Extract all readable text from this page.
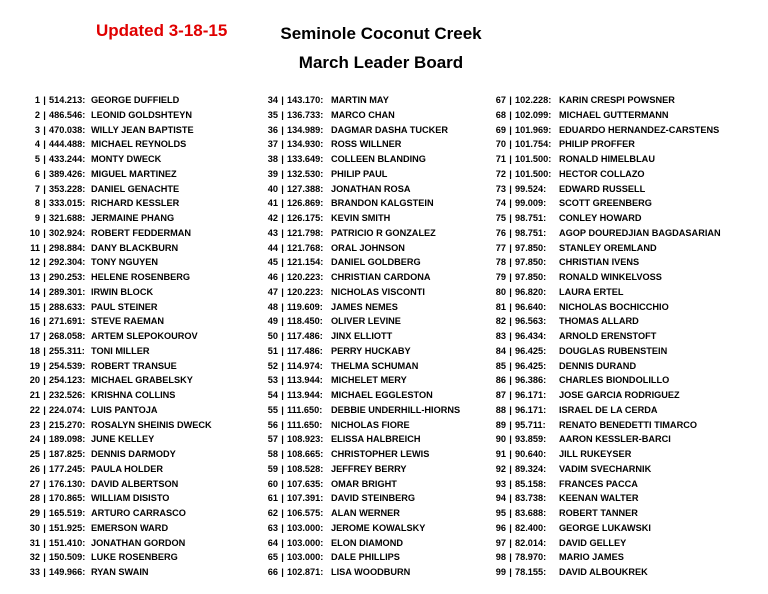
Updated 3-18-15	Seminole Coconut Creek
March Leader Board
1 | 514.213: GEORGE DUFFIELD
2 | 486.546: LEONID GOLDSHTEYN
3 | 470.038: WILLY JEAN BAPTISTE
4 | 444.488: MICHAEL REYNOLDS
5 | 433.244: MONTY DWECK
6 | 389.426: MIGUEL MARTINEZ
7 | 353.228: DANIEL GENACHTE
8 | 333.015: RICHARD KESSLER
9 | 321.688: JERMAINE PHANG
10 | 302.924: ROBERT FEDDERMAN
11 | 298.884: DANY BLACKBURN
12 | 292.304: TONY NGUYEN
13 | 290.253: HELENE ROSENBERG
14 | 289.301: IRWIN BLOCK
15 | 288.633: PAUL STEINER
16 | 271.691: STEVE RAEMAN
17 | 268.058: ARTEM SLEPOKOUROV
18 | 255.311: TONI MILLER
19 | 254.539: ROBERT TRANSUE
20 | 254.123: MICHAEL GRABELSKY
21 | 232.526: KRISHNA COLLINS
22 | 224.074: LUIS PANTOJA
23 | 215.270: ROSALYN SHEINIS DWECK
24 | 189.098: JUNE KELLEY
25 | 187.825: DENNIS DARMODY
26 | 177.245: PAULA HOLDER
27 | 176.130: DAVID ALBERTSON
28 | 170.865: WILLIAM DISISTO
29 | 165.519: ARTURO CARRASCO
30 | 151.925: EMERSON WARD
31 | 151.410: JONATHAN GORDON
32 | 150.509: LUKE ROSENBERG
33 | 149.966: RYAN SWAIN
34 | 143.170: MARTIN MAY
35 | 136.733: MARCO CHAN
36 | 134.989: DAGMAR DASHA TUCKER
37 | 134.930: ROSS WILLNER
38 | 133.649: COLLEEN BLANDING
39 | 132.530: PHILIP PAUL
40 | 127.388: JONATHAN ROSA
41 | 126.869: BRANDON KALGSTEIN
42 | 126.175: KEVIN SMITH
43 | 121.798: PATRICIO R GONZALEZ
44 | 121.768: ORAL JOHNSON
45 | 121.154: DANIEL GOLDBERG
46 | 120.223: CHRISTIAN CARDONA
47 | 120.223: NICHOLAS VISCONTI
48 | 119.609: JAMES NEMES
49 | 118.450: OLIVER LEVINE
50 | 117.486: JINX ELLIOTT
51 | 117.486: PERRY HUCKABY
52 | 114.974: THELMA SCHUMAN
53 | 113.944: MICHELET MERY
54 | 113.944: MICHAEL EGGLESTON
55 | 111.650: DEBBIE UNDERHILL-HIORNS
56 | 111.650: NICHOLAS FIORE
57 | 108.923: ELISSA HALBREICH
58 | 108.665: CHRISTOPHER LEWIS
59 | 108.528: JEFFREY BERRY
60 | 107.635: OMAR BRIGHT
61 | 107.391: DAVID STEINBERG
62 | 106.575: ALAN WERNER
63 | 103.000: JEROME KOWALSKY
64 | 103.000: ELON DIAMOND
65 | 103.000: DALE PHILLIPS
66 | 102.871: LISA WOODBURN
67 | 102.228: KARIN CRESPI POWSNER
68 | 102.099: MICHAEL GUTTERMANN
69 | 101.969: EDUARDO HERNANDEZ-CARSTENS
70 | 101.754: PHILIP PROFFER
71 | 101.500: RONALD HIMELBLAU
72 | 101.500: HECTOR COLLAZO
73 | 99.524:	EDWARD RUSSELL
74 | 99.009:	SCOTT GREENBERG
75 | 98.751:	CONLEY HOWARD
76 | 98.751:	AGOP DOUREDJIAN BAGDASARIAN
77 | 97.850:	STANLEY OREMLAND
78 | 97.850:	CHRISTIAN IVENS
79 | 97.850:	RONALD WINKELVOSS
80 | 96.820:	LAURA ERTEL
81 | 96.640:	NICHOLAS BOCHICCHIO
82 | 96.563:	THOMAS ALLARD
83 | 96.434:	ARNOLD ERENSTOFT
84 | 96.425:	DOUGLAS RUBENSTEIN
85 | 96.425:	DENNIS DURAND
86 | 96.386:	CHARLES BIONDOLILLO
87 | 96.171:	JOSE GARCIA RODRIGUEZ
88 | 96.171:	ISRAEL DE LA CERDA
89 | 95.711:	RENATO BENEDETTI TIMARCO
90 | 93.859:	AARON KESSLER-BARCI
91 | 90.640:	JILL RUKEYSER
92 | 89.324:	VADIM SVECHARNIK
93 | 85.158:	FRANCES PACCA
94 | 83.738:	KEENAN WALTER
95 | 83.688:	ROBERT TANNER
96 | 82.400:	GEORGE LUKAWSKI
97 | 82.014:	DAVID GELLEY
98 | 78.970:	MARIO JAMES
99 | 78.155:	DAVID ALBOUKREK
